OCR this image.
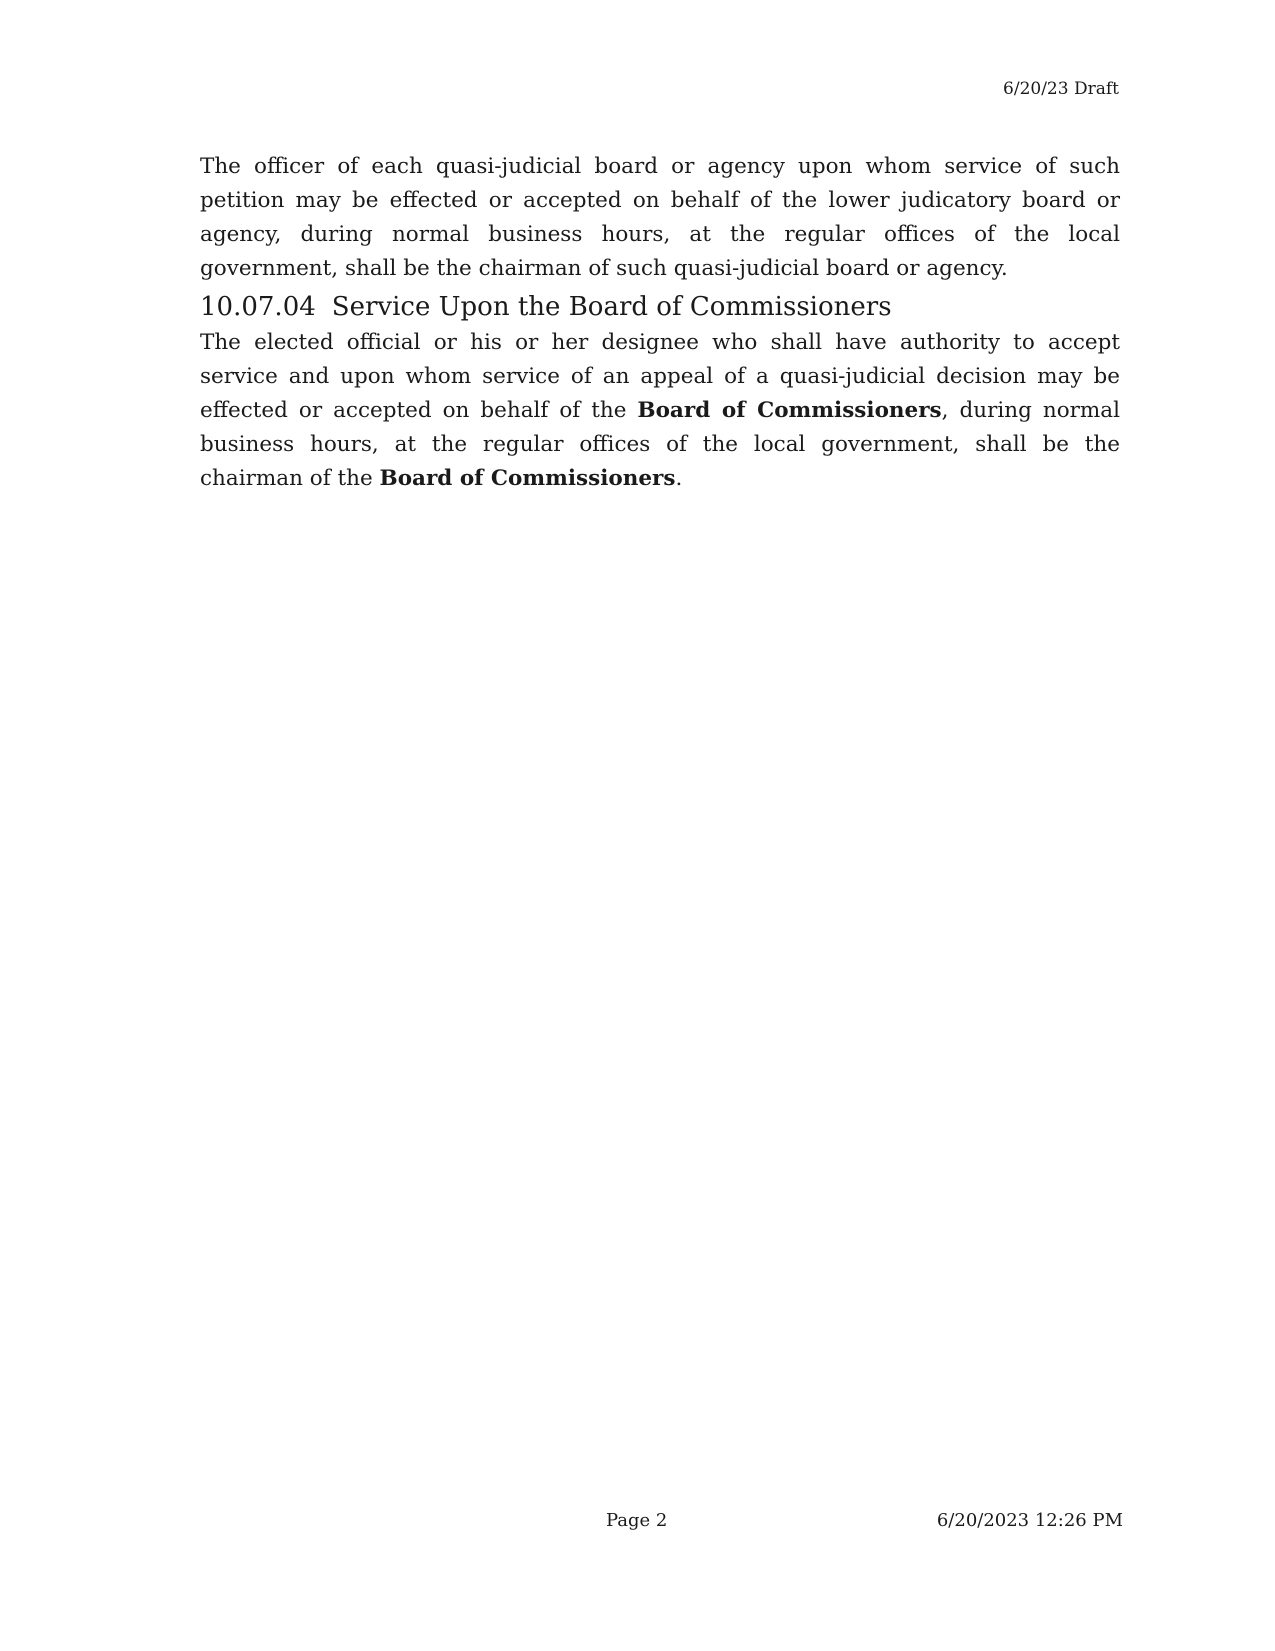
6/20/23 Draft

The officer of each quasi-judicial board or agency upon whom service of such petition may be effected or accepted on behalf of the lower judicatory board or agency, during normal business hours, at the regular offices of the local government, shall be the chairman of such quasi-judicial board or agency.

10.07.04 Service Upon the Board of Commissioners

The elected official or his or her designee who shall have authority to accept service and upon whom service of an appeal of a quasi-judicial decision may be effected or accepted on behalf of the Board of Commissioners, during normal business hours, at the regular offices of the local government, shall be the chairman of the Board of Commissioners.

Page 2	6/20/2023 12:26 PM
